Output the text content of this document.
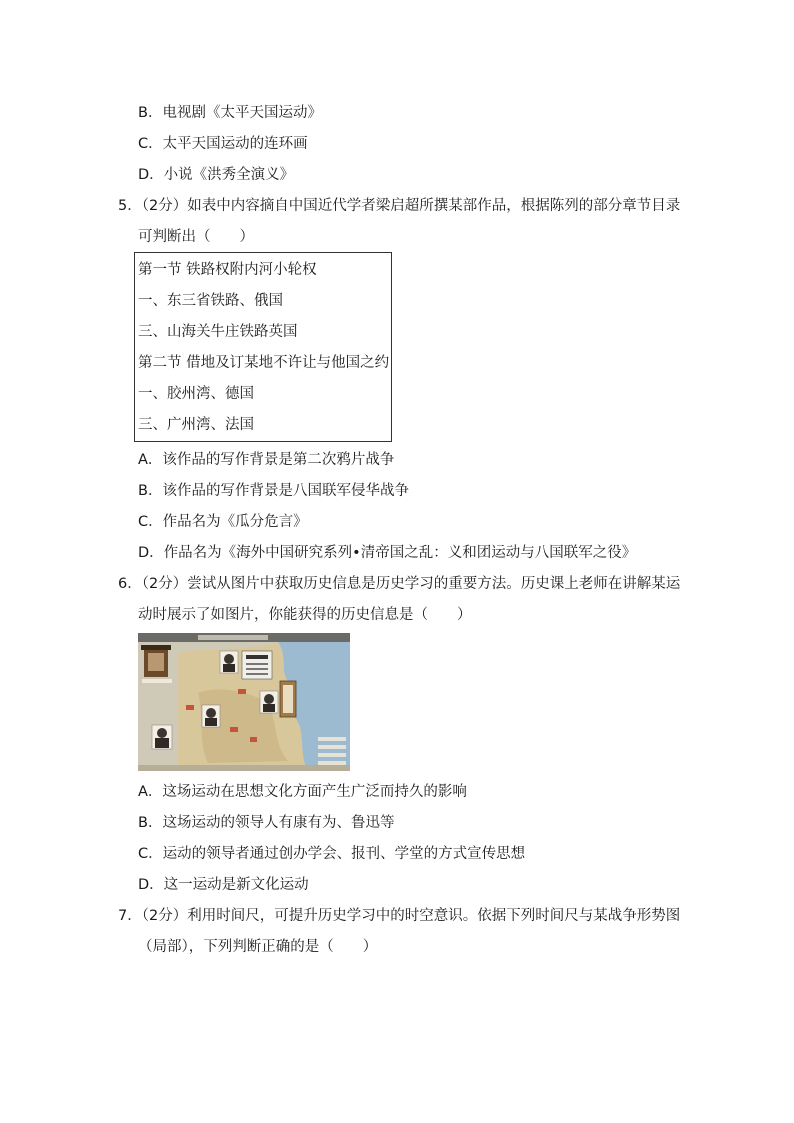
B．电视剧《太平天国运动》
C．太平天国运动的连环画
D．小说《洪秀全演义》
5．（2分）如表中内容摘自中国近代学者梁启超所撰某部作品，根据陈列的部分章节目录
可判断出（　　）
第一节 铁路权附内河小轮权
一、东三省铁路、俄国
三、山海关牛庄铁路英国
第二节 借地及订某地不许让与他国之约
一、胶州湾、德国
三、广州湾、法国
A．该作品的写作背景是第二次鸦片战争
B．该作品的写作背景是八国联军侵华战争
C．作品名为《瓜分危言》
D．作品名为《海外中国研究系列•清帝国之乱：义和团运动与八国联军之役》
6．（2分）尝试从图片中获取历史信息是历史学习的重要方法。历史课上老师在讲解某运
动时展示了如图片，你能获得的历史信息是（　　）
A．这场运动在思想文化方面产生广泛而持久的影响
B．这场运动的领导人有康有为、鲁迅等
C．运动的领导者通过创办学会、报刊、学堂的方式宣传思想
D．这一运动是新文化运动
7．（2分）利用时间尺，可提升历史学习中的时空意识。依据下列时间尺与某战争形势图
（局部），下列判断正确的是（　　）
